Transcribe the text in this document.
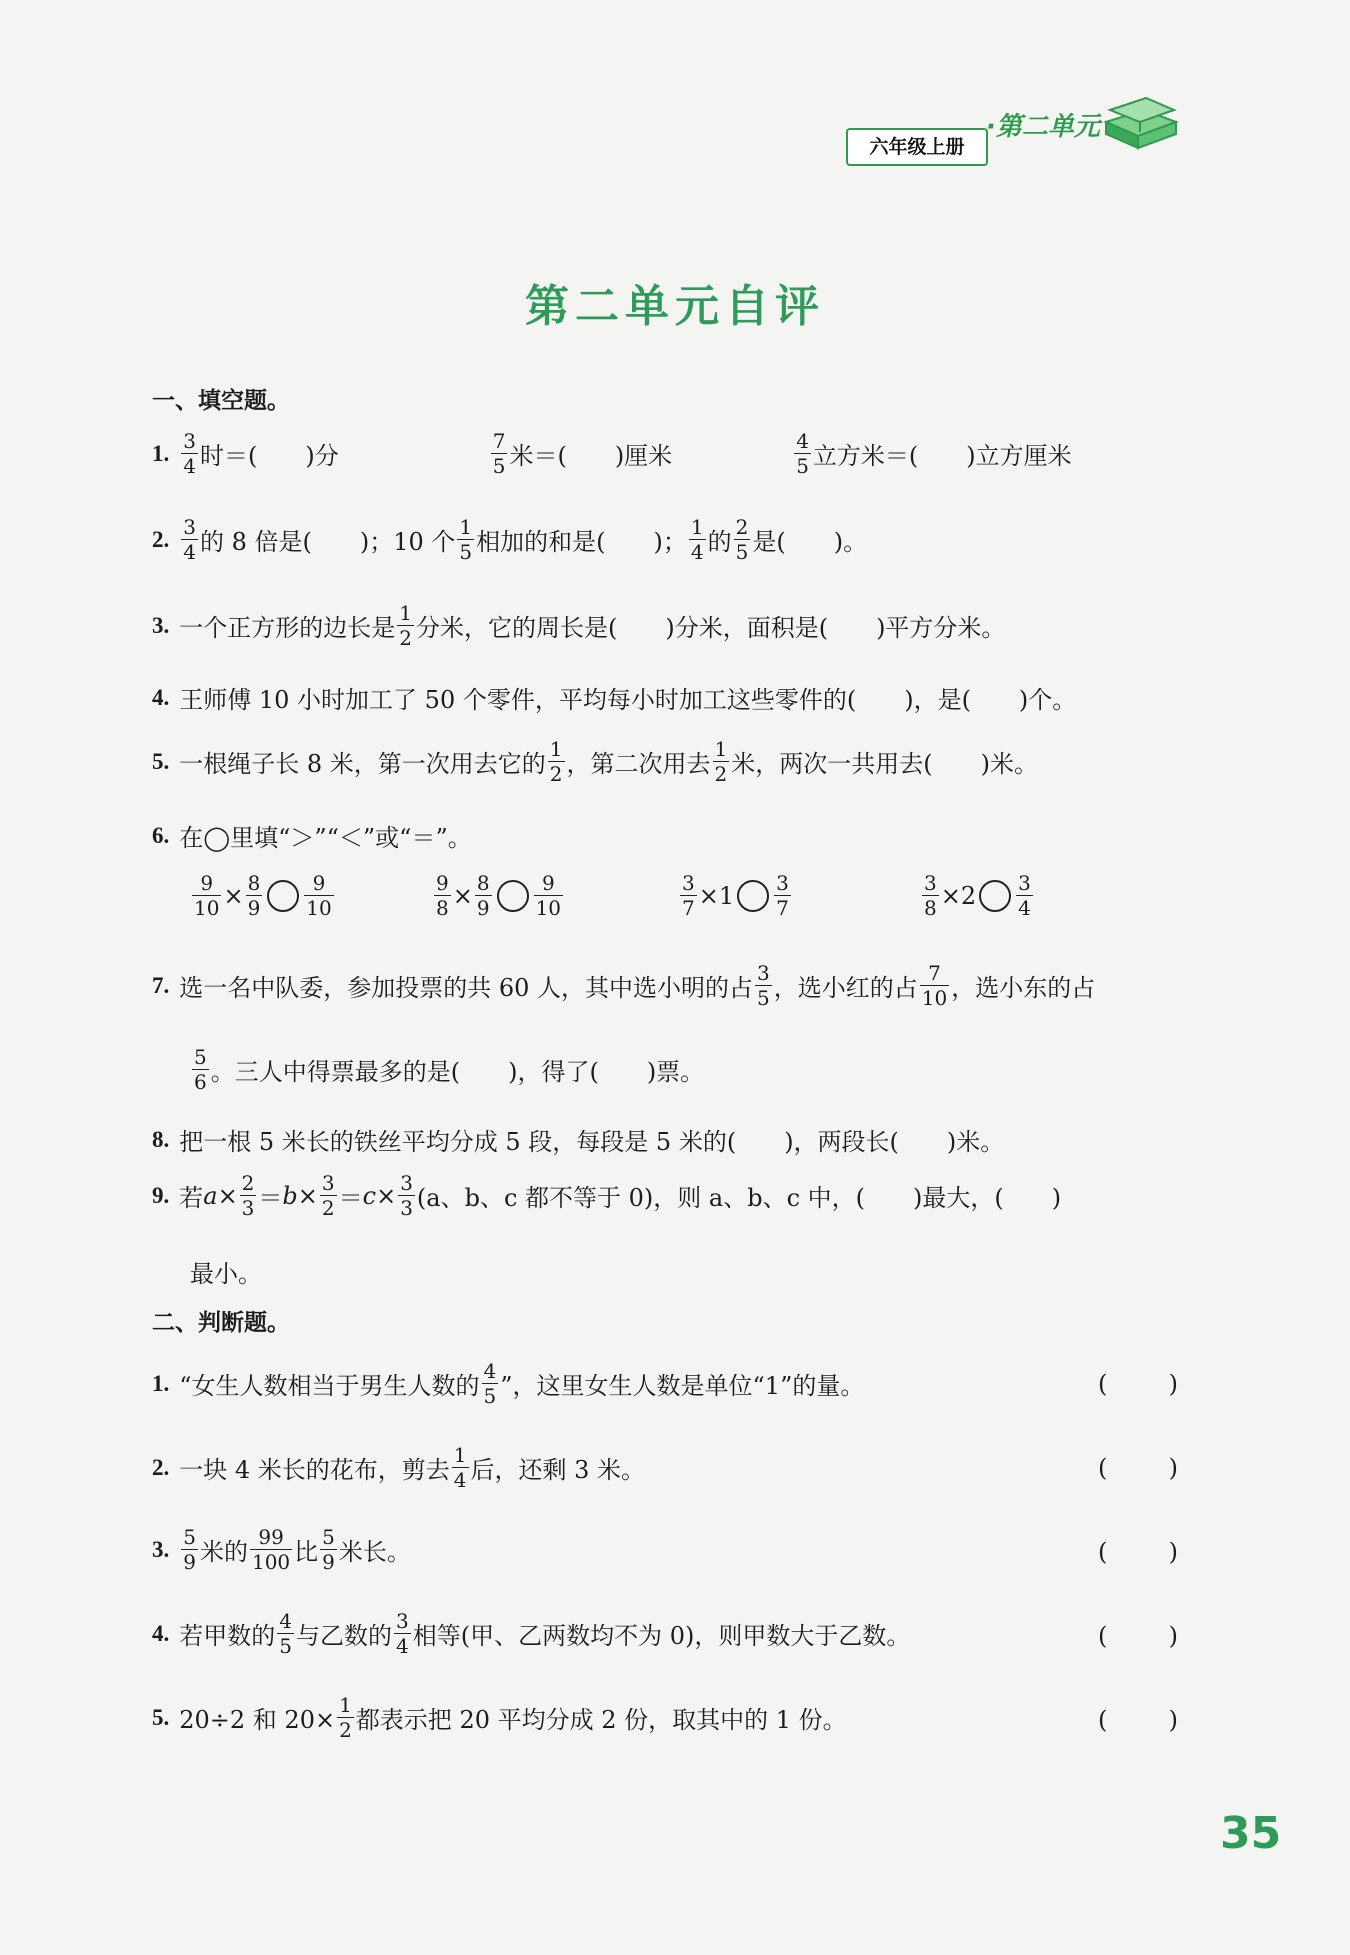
六年级上册
·第二单元
第二单元自评
一、填空题。
1. $\frac{3}{4}$ 时＝(　　)分	$\frac{7}{5}$ 米＝(　　)厘米	$\frac{4}{5}$ 立方米＝(　　)立方厘米
2. $\frac{3}{4}$ 的 8 倍是(　　)；10 个 $\frac{1}{5}$ 相加的和是(　　)； $\frac{1}{4}$ 的 $\frac{2}{5}$ 是(　　)。
3. 一个正方形的边长是 $\frac{1}{2}$ 分米，它的周长是(　　)分米，面积是(　　)平方分米。
4. 王师傅 10 小时加工了 50 个零件，平均每小时加工这些零件的(　　)，是(　　)个。
5. 一根绳子长 8 米，第一次用去它的 $\frac{1}{2}$ ，第二次用去 $\frac{1}{2}$ 米，两次一共用去(　　)米。
6. 在◯里填“＞”“＜”或“＝”。
$\frac{9}{10} \times \frac{8}{9} \frac{9}{10}$	$\frac{9}{8} \times \frac{8}{9} \frac{9}{10}$	$\frac{3}{7} \times 1 \frac{3}{7}$	$\frac{3}{8} \times 2 \frac{3}{4}$
7. 选一名中队委，参加投票的共 60 人，其中选小明的占 $\frac{3}{5}$ ，选小红的占 $\frac{7}{10}$ ，选小东的占
$\frac{5}{6}$ 。三人中得票最多的是(　　)，得了(　　)票。
8. 把一根 5 米长的铁丝平均分成 5 段，每段是 5 米的(　　)，两段长(　　)米。
9. 若 $a \times \frac{2}{3} = b \times \frac{3}{2} = c \times \frac{3}{3} (a$、b、c 都不等于 0)，则 a、b、c 中，(　　)最大，(　　)
最小。
二、判断题。
1. “女生人数相当于男生人数的 $\frac{4}{5}$ ”，这里女生人数是单位“1”的量。	(	)
2. 一块 4 米长的花布，剪去 $\frac{1}{4}$ 后，还剩 3 米。	(	)
3. $\frac{5}{9}$ 米的 $\frac{99}{100}$ 比 $\frac{5}{9}$ 米长。	(	)
4. 若甲数的 $\frac{4}{5}$ 与乙数的 $\frac{3}{4}$ 相等(甲、乙两数均不为 0)，则甲数大于乙数。	(	)
5. 20÷2 和 $20\times \frac{1}{2}$ 都表示把 20 平均分成 2 份，取其中的 1 份。	(	)
35
